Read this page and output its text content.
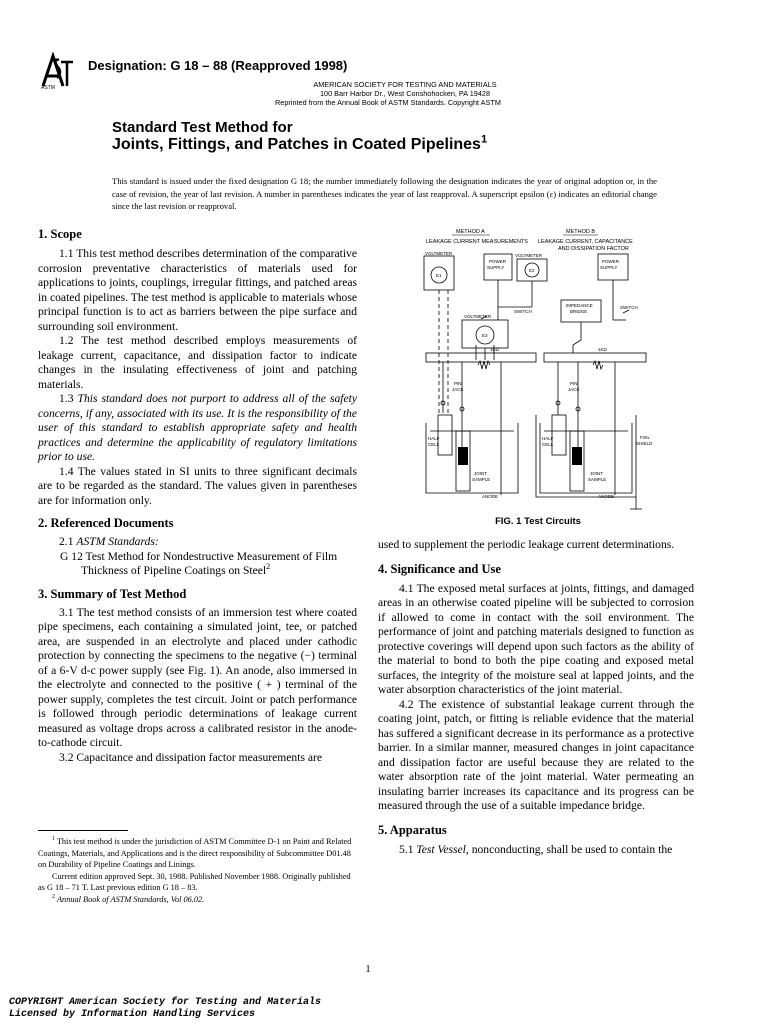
ASTM
Designation: G 18 – 88 (Reapproved 1998)
AMERICAN SOCIETY FOR TESTING AND MATERIALS
100 Barr Harbor Dr., West Conshohocken, PA 19428
Reprinted from the Annual Book of ASTM Standards. Copyright ASTM
Standard Test Method for
Joints, Fittings, and Patches in Coated Pipelines$^1$
This standard is issued under the fixed designation G 18; the number immediately following the designation indicates the year of original adoption or, in the case of revision, the year of last revision. A number in parentheses indicates the year of last reapproval. A superscript epsilon (ε) indicates an editorial change since the last revision or reapproval.
1. Scope

1.1 This test method describes determination of the comparative corrosion preventative characteristics of materials used for applications to joints, couplings, irregular fittings, and patched areas in coated pipelines. The test method is applicable to materials whose principal function is to act as barriers between the pipe surface and surrounding soil environment.

1.2 The test method described employs measurements of leakage current, capacitance, and dissipation factor to indicate changes in the insulating effectiveness of joint and patching materials.

1.3 This standard does not purport to address all of the safety concerns, if any, associated with its use. It is the responsibility of the user of this standard to establish appropriate safety and health practices and determine the applicability of regulatory limitations prior to use.

1.4 The values stated in SI units to three significant decimals are to be regarded as the standard. The values given in parentheses are for information only.

2. Referenced Documents

2.1 ASTM Standards:

G 12 Test Method for Nondestructive Measurement of Film Thickness of Pipeline Coatings on Steel$^2$

3. Summary of Test Method

3.1 The test method consists of an immersion test where coated pipe specimens, each containing a simulated joint, tee, or patched area, are suspended in an electrolyte and placed under cathodic protection by connecting the specimens to the negative (−) terminal of a 6-V d-c power supply (see Fig. 1). An anode, also immersed in the electrolyte and connected to the positive ( + ) terminal of the power supply, completes the test circuit. Joint or patch performance is followed through periodic determinations of leakage current measured as voltage drops across a calibrated resistor in the anode-to-cathode circuit.

3.2 Capacitance and dissipation factor measurements are

$^1$ This test method is under the jurisdiction of ASTM Committee D-1 on Paint and Related Coatings, Materials, and Applications and is the direct responsibility of Subcommittee D01.48 on Durability of Pipeline Coatings and Linings.

Current edition approved Sept. 30, 1988. Published November 1988. Originally published as G 18 – 71 T. Last previous edition G 18 – 83.

$^2$ Annual Book of ASTM Standards, Vol 06.02.

METHOD A
LEAKAGE CURRENT MEASUREMENTS
METHOD B
LEAKAGE CURRENT, CAPACITANCE
AND DISSIPATION FACTOR
VOLTMETER
E1
POWER
SUPPLY
VOLTMETER
E2
VOLTMETER
E3
SWITCH
1KΩ
PIN
JACK
HALF
CELL
JOINT
SAMPLE
ANODE
POWER
SUPPLY
IMPEDANCE
BRIDGE
SWITCH
1KΩ
PIN
JACK
HALF
CELL
JOINT
SAMPLE
ANODE
FOIL
SHIELD
FIG. 1 Test Circuits

used to supplement the periodic leakage current determinations.

4. Significance and Use

4.1 The exposed metal surfaces at joints, fittings, and damaged areas in an otherwise coated pipeline will be subjected to corrosion if allowed to come in contact with the soil environment. The performance of joint and patching materials designed to function as protective coverings will depend upon such factors as the ability of the material to bond to both the pipe coating and exposed metal surfaces, the integrity of the moisture seal at lapped joints, and the water absorption characteristics of the joint material.

4.2 The existence of substantial leakage current through the coating joint, patch, or fitting is reliable evidence that the material has suffered a significant decrease in its performance as a protective barrier. In a similar manner, measured changes in joint capacitance and dissipation factor are useful because they are related to the water absorption rate of the joint material. Water permeating an insulating barrier increases its capacitance and its progress can be measured through the use of a suitable impedance bridge.

5. Apparatus

5.1 Test Vessel, nonconducting, shall be used to contain the

1
COPYRIGHT American Society for Testing and Materials
Licensed by Information Handling Services
